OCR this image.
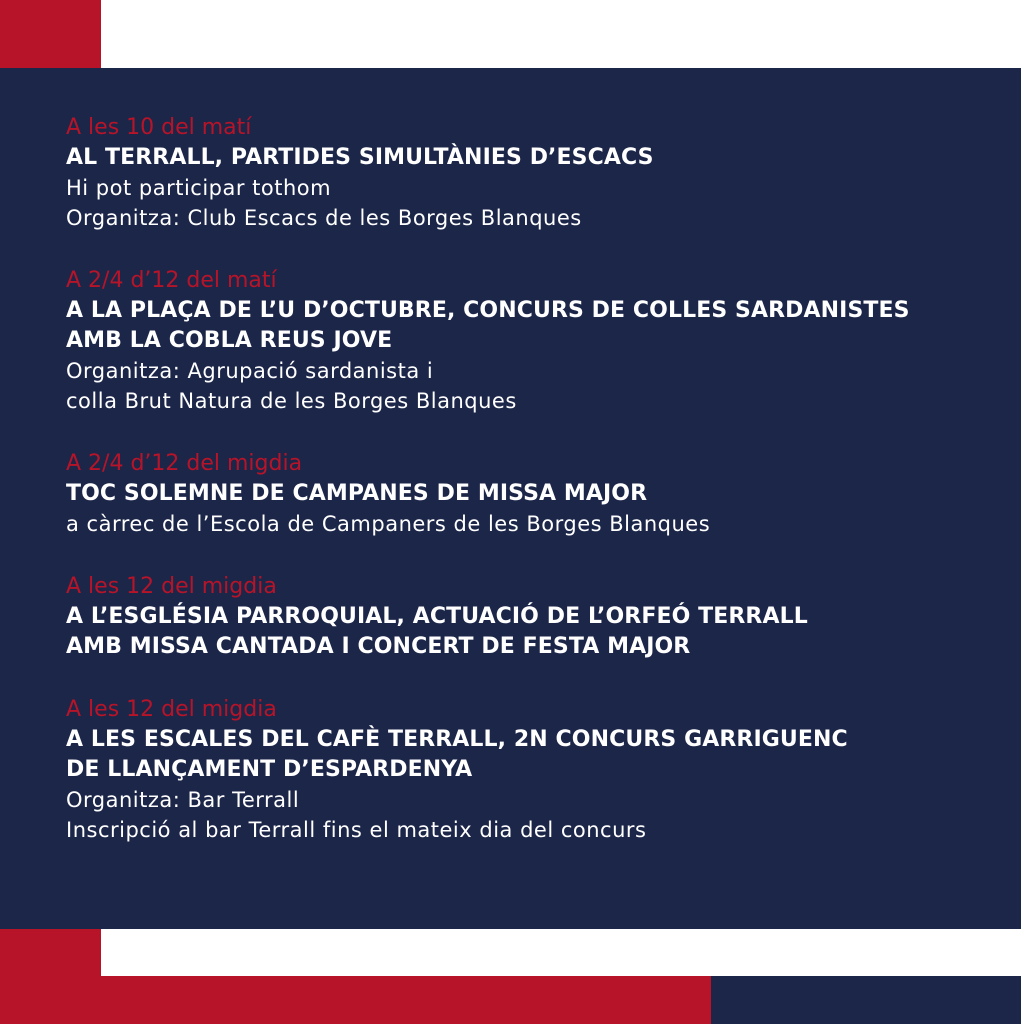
A les 10 del matí
AL TERRALL, PARTIDES SIMULTÀNIES D’ESCACS
Hi pot participar tothom
Organitza: Club Escacs de les Borges Blanques
A 2/4 d’12 del matí
A LA PLAÇA DE L’U D’OCTUBRE, CONCURS DE COLLES SARDANISTES
AMB LA COBLA REUS JOVE
Organitza: Agrupació sardanista i
colla Brut Natura de les Borges Blanques
A 2/4 d’12 del migdia
TOC SOLEMNE DE CAMPANES DE MISSA MAJOR
a càrrec de l’Escola de Campaners de les Borges Blanques
A les 12 del migdia
A L’ESGLÉSIA PARROQUIAL, ACTUACIÓ DE L’ORFEÓ TERRALL
AMB MISSA CANTADA I CONCERT DE FESTA MAJOR
A les 12 del migdia
A LES ESCALES DEL CAFÈ TERRALL, 2N CONCURS GARRIGUENC
DE LLANÇAMENT D’ESPARDENYA
Organitza: Bar Terrall
Inscripció al bar Terrall fins el mateix dia del concurs
